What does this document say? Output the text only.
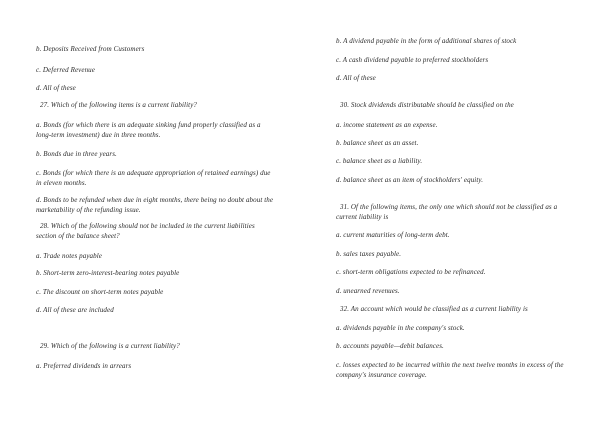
b. Deposits Received from Customers

c. Deferred Revenue

d. All of these

27. Which of the following items is a current liability?

a. Bonds (for which there is an adequate sinking fund properly classified as a long-term investment) due in three months.

b. Bonds due in three years.

c. Bonds (for which there is an adequate appropriation of retained earnings) due in eleven months.

d. Bonds to be refunded when due in eight months, there being no doubt about the marketability of the refunding issue.

28. Which of the following should not be included in the current liabilities section of the balance sheet?

a. Trade notes payable

b. Short-term zero-interest-bearing notes payable

c. The discount on short-term notes payable

d. All of these are included

29. Which of the following is a current liability?

a. Preferred dividends in arrears

b. A dividend payable in the form of additional shares of stock

c. A cash dividend payable to preferred stockholders

d. All of these

30. Stock dividends distributable should be classified on the

a. income statement as an expense.

b. balance sheet as an asset.

c. balance sheet as a liability.

d. balance sheet as an item of stockholders' equity.

31. Of the following items, the only one which should not be classified as a current liability is

a. current maturities of long-term debt.

b. sales taxes payable.

c. short-term obligations expected to be refinanced.

d. unearned revenues.

32. An account which would be classified as a current liability is

a. dividends payable in the company's stock.

b. accounts payable—debit balances.

c. losses expected to be incurred within the next twelve months in excess of the company's insurance coverage.
